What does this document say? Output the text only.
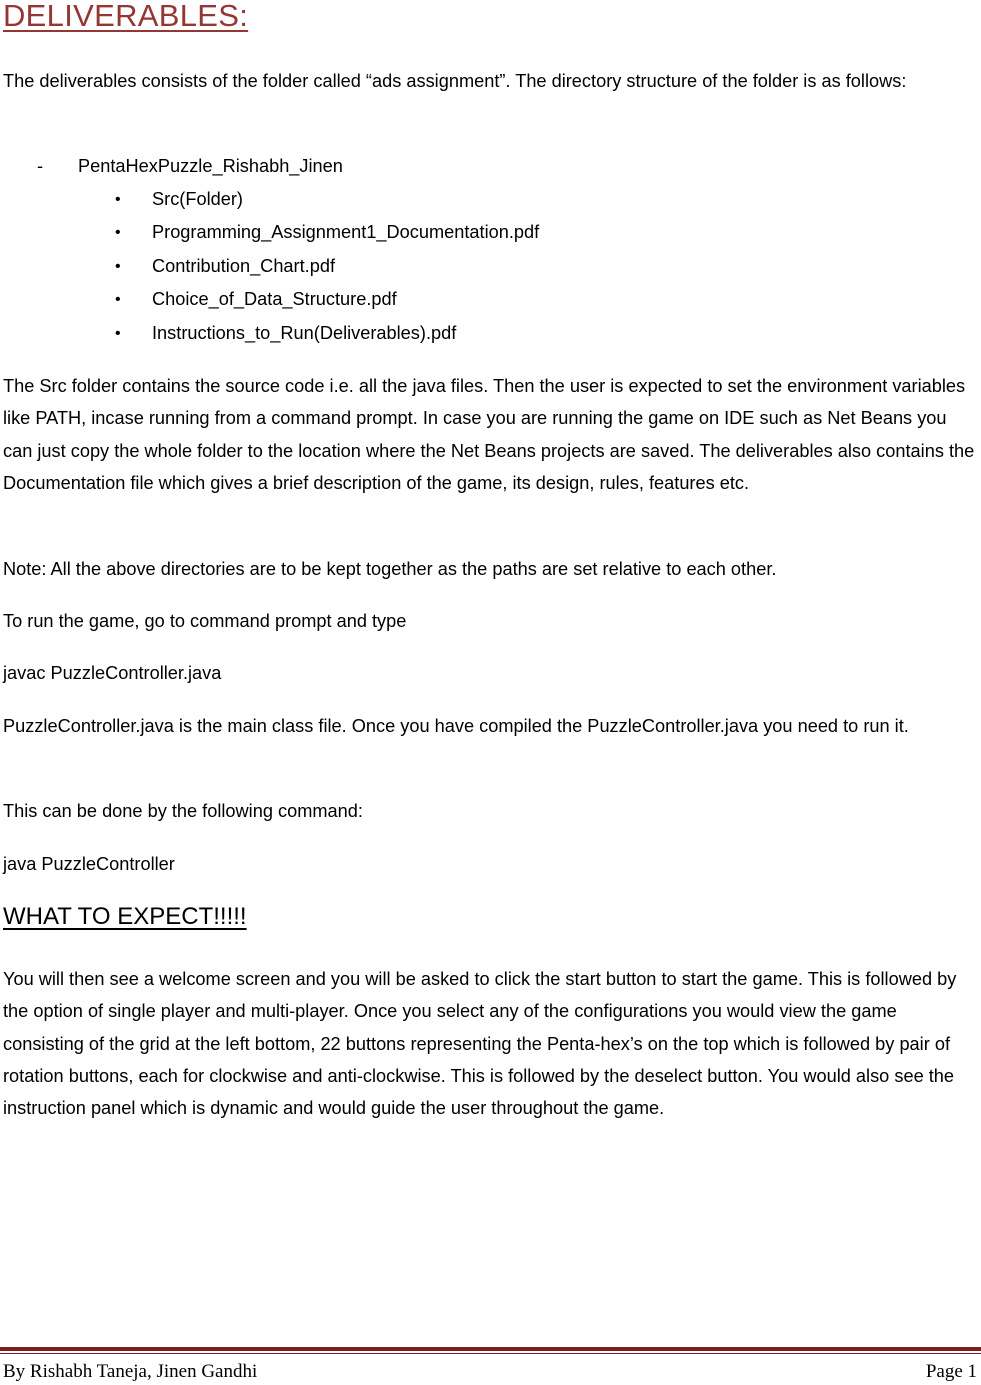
DELIVERABLES:

The deliverables consists of the folder called “ads assignment”. The directory structure of the folder is as follows:

- PentaHexPuzzle_Rishabh_Jinen
• Src(Folder)
• Programming_Assignment1_Documentation.pdf
• Contribution_Chart.pdf
• Choice_of_Data_Structure.pdf
• Instructions_to_Run(Deliverables).pdf

The Src folder contains the source code i.e. all the java files. Then the user is expected to set the environment variables like PATH, incase running from a command prompt. In case you are running the game on IDE such as Net Beans you can just copy the whole folder to the location where the Net Beans projects are saved. The deliverables also contains the Documentation file which gives a brief description of the game, its design, rules, features etc.

Note: All the above directories are to be kept together as the paths are set relative to each other.

To run the game, go to command prompt and type

javac PuzzleController.java

PuzzleController.java is the main class file. Once you have compiled the PuzzleController.java you need to run it.

This can be done by the following command:

java PuzzleController

WHAT TO EXPECT!!!!!

You will then see a welcome screen and you will be asked to click the start button to start the game. This is followed by the option of single player and multi-player. Once you select any of the configurations you would view the game consisting of the grid at the left bottom, 22 buttons representing the Penta-hex’s on the top which is followed by pair of rotation buttons, each for clockwise and anti-clockwise. This is followed by the deselect button. You would also see the instruction panel which is dynamic and would guide the user throughout the game.

By Rishabh Taneja, Jinen Gandhi	Page 1
